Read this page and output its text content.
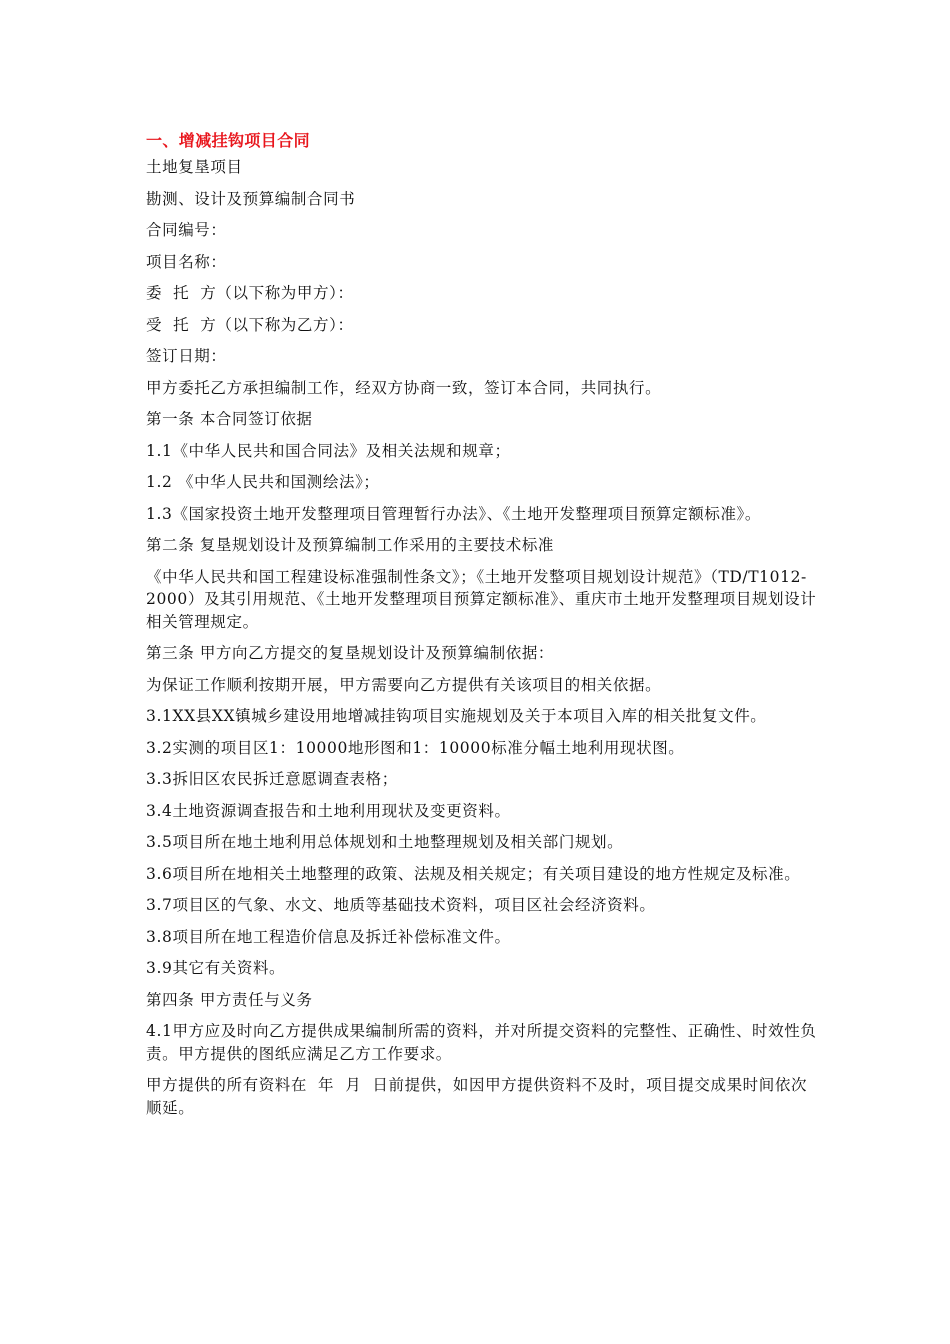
一、增减挂钩项目合同

土地复垦项目

勘测、设计及预算编制合同书

合同编号：

项目名称：

委  托  方（以下称为甲方）：

受  托  方（以下称为乙方）：

签订日期：

甲方委托乙方承担编制工作，经双方协商一致，签订本合同，共同执行。

第一条 本合同签订依据

1.1《中华人民共和国合同法》及相关法规和规章；

1.2 《中华人民共和国测绘法》；

1.3《国家投资土地开发整理项目管理暂行办法》、《土地开发整理项目预算定额标准》。

第二条 复垦规划设计及预算编制工作采用的主要技术标准

《中华人民共和国工程建设标准强制性条文》；《土地开发整项目规划设计规范》（TD/T1012-2000）及其引用规范、《土地开发整理项目预算定额标准》、重庆市土地开发整理项目规划设计相关管理规定。

第三条 甲方向乙方提交的复垦规划设计及预算编制依据：

为保证工作顺利按期开展，甲方需要向乙方提供有关该项目的相关依据。

3.1XX县XX镇城乡建设用地增减挂钩项目实施规划及关于本项目入库的相关批复文件。

3.2实测的项目区1：10000地形图和1：10000标准分幅土地利用现状图。

3.3拆旧区农民拆迁意愿调查表格；

3.4土地资源调查报告和土地利用现状及变更资料。

3.5项目所在地土地利用总体规划和土地整理规划及相关部门规划。

3.6项目所在地相关土地整理的政策、法规及相关规定；有关项目建设的地方性规定及标准。

3.7项目区的气象、水文、地质等基础技术资料，项目区社会经济资料。

3.8项目所在地工程造价信息及拆迁补偿标准文件。

3.9其它有关资料。

第四条 甲方责任与义务

4.1甲方应及时向乙方提供成果编制所需的资料，并对所提交资料的完整性、正确性、时效性负责。甲方提供的图纸应满足乙方工作要求。

甲方提供的所有资料在  年  月  日前提供，如因甲方提供资料不及时，项目提交成果时间依次顺延。
